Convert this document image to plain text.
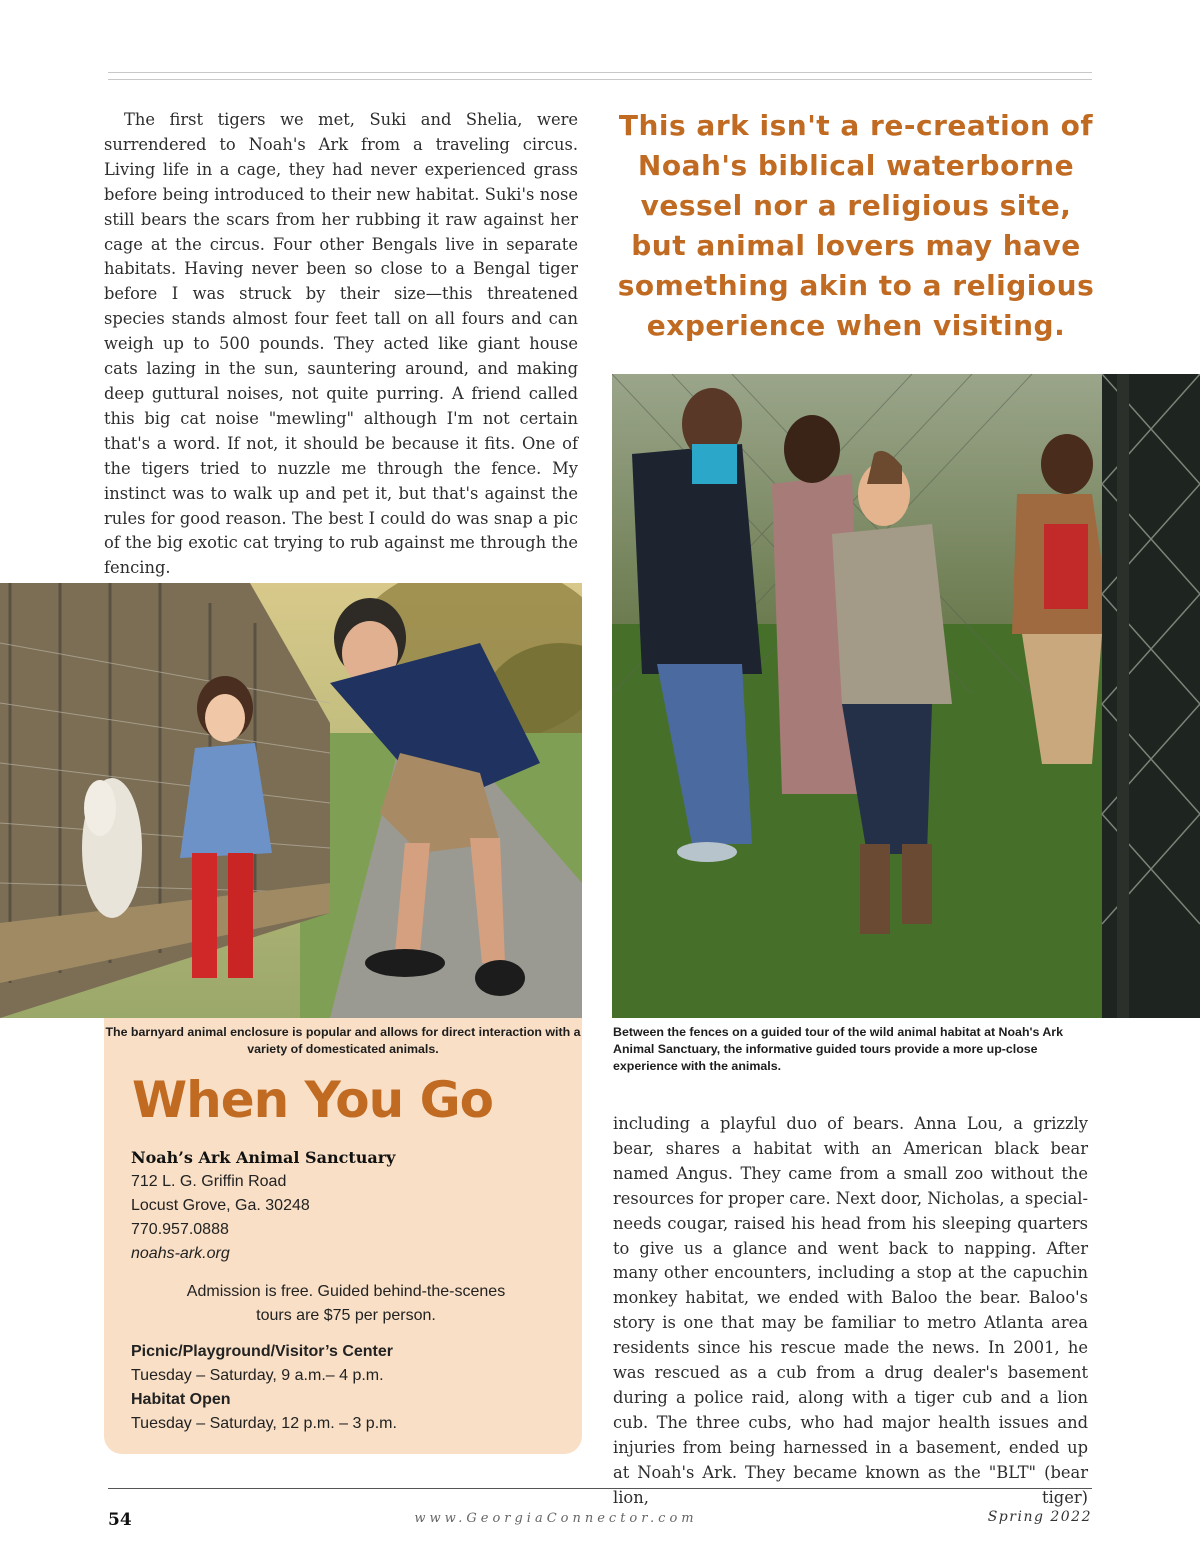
The first tigers we met, Suki and Shelia, were surrendered to Noah's Ark from a traveling circus. Living life in a cage, they had never experienced grass before being introduced to their new habitat. Suki's nose still bears the scars from her rubbing it raw against her cage at the circus. Four other Bengals live in separate habitats. Having never been so close to a Bengal tiger before I was struck by their size—this threatened species stands almost four feet tall on all fours and can weigh up to 500 pounds. They acted like giant house cats lazing in the sun, sauntering around, and making deep guttural noises, not quite purring. A friend called this big cat noise "mewling" although I'm not certain that's a word. If not, it should be because it fits. One of the tigers tried to nuzzle me through the fence. My instinct was to walk up and pet it, but that's against the rules for good reason. The best I could do was snap a pic of the big exotic cat trying to rub against me through the fencing.

This ark isn't a re-creation of Noah's biblical waterborne vessel nor a religious site, but animal lovers may have something akin to a religious experience when visiting.

When You Go
Noah’s Ark Animal Sanctuary
712 L. G. Griffin Road
Locust Grove, Ga. 30248
770.957.0888
noahs-ark.org
Admission is free. Guided behind-the-scenes
tours are $75 per person.
Picnic/Playground/Visitor’s Center
Tuesday – Saturday, 9 a.m.– 4 p.m.
Habitat Open
Tuesday – Saturday, 12 p.m. – 3 p.m.

The barnyard animal enclosure is popular and allows for direct interaction with a variety of domesticated animals.

Between the fences on a guided tour of the wild animal habitat at Noah's Ark Animal Sanctuary, the informative guided tours provide a more up-close experience with the animals.

including a playful duo of bears. Anna Lou, a grizzly bear, shares a habitat with an American black bear named Angus. They came from a small zoo without the resources for proper care. Next door, Nicholas, a special-needs cougar, raised his head from his sleeping quarters to give us a glance and went back to napping. After many other encounters, including a stop at the capuchin monkey habitat, we ended with Baloo the bear. Baloo's story is one that may be familiar to metro Atlanta area residents since his rescue made the news. In 2001, he was rescued as a cub from a drug dealer's basement during a police raid, along with a tiger cub and a lion cub. The three cubs, who had major health issues and injuries from being harnessed in a basement, ended up at Noah's Ark. They became known as the "BLT" (bear lion, tiger)

54	www.GeorgiaConnector.com	Spring 2022
